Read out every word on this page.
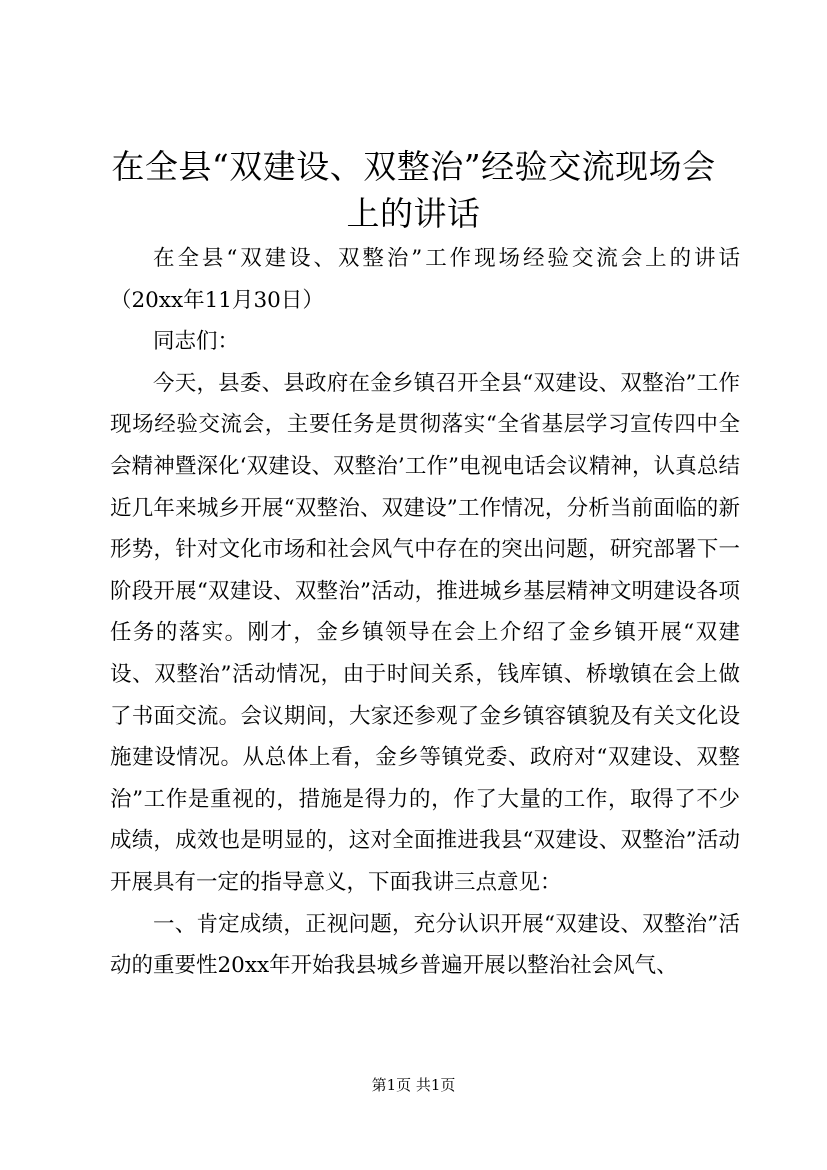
在全县“双建设、双整治”经验交流现场会上的讲话

在全县“双建设、双整治”工作现场经验交流会上的讲话（20xx年11月30日）

同志们：

今天，县委、县政府在金乡镇召开全县“双建设、双整治”工作现场经验交流会，主要任务是贯彻落实“全省基层学习宣传四中全会精神暨深化‘双建设、双整治’工作”电视电话会议精神，认真总结近几年来城乡开展“双整治、双建设”工作情况，分析当前面临的新形势，针对文化市场和社会风气中存在的突出问题，研究部署下一阶段开展“双建设、双整治”活动，推进城乡基层精神文明建设各项任务的落实。刚才，金乡镇领导在会上介绍了金乡镇开展“双建设、双整治”活动情况，由于时间关系，钱库镇、桥墩镇在会上做了书面交流。会议期间，大家还参观了金乡镇容镇貌及有关文化设施建设情况。从总体上看，金乡等镇党委、政府对“双建设、双整治”工作是重视的，措施是得力的，作了大量的工作，取得了不少成绩，成效也是明显的，这对全面推进我县“双建设、双整治”活动开展具有一定的指导意义，下面我讲三点意见：

一、肯定成绩，正视问题，充分认识开展“双建设、双整治”活动的重要性20xx年开始我县城乡普遍开展以整治社会风气、

第1页 共1页
